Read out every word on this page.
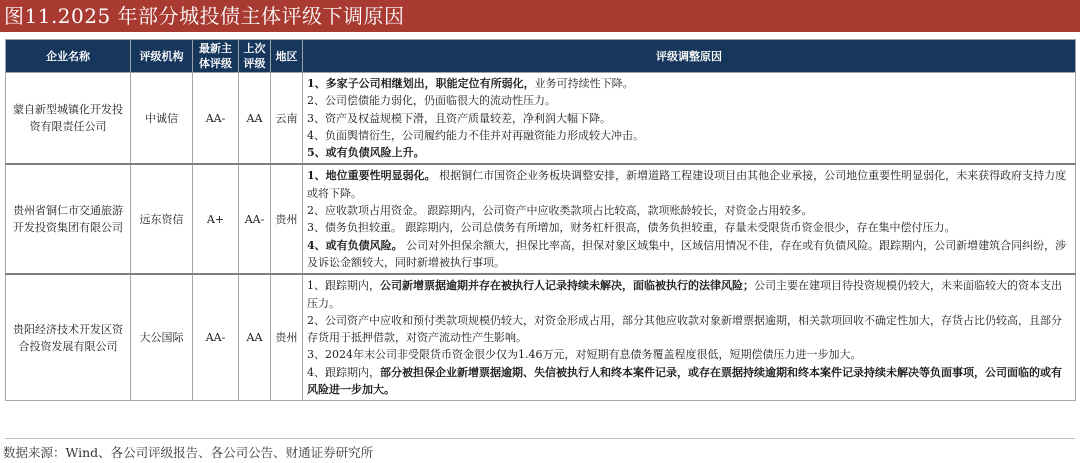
图11.2025 年部分城投债主体评级下调原因
企业名称	评级机构	最新主体评级	上次评级	地区	评级调整原因
蒙自新型城镇化开发投资有限责任公司	中诚信	AA-	AA	云南	1、多家子公司相继划出，职能定位有所弱化，业务可持续性下降。
2、公司偿债能力弱化，仍面临很大的流动性压力。
3、资产及权益规模下滑，且资产质量较差，净利润大幅下降。
4、负面舆情衍生，公司履约能力不佳并对再融资能力形成较大冲击。
5、或有负债风险上升。

贵州省铜仁市交通旅游开发投资集团有限公司	远东资信	A+	AA-	贵州	1、地位重要性明显弱化。 根据铜仁市国资企业务板块调整安排，新增道路工程建设项目由其他企业承接，公司地位重要性明显弱化，未来获得政府支持力度或将下降。
2、应收款项占用资金。 跟踪期内，公司资产中应收类款项占比较高，款项账龄较长，对资金占用较多。
3、债务负担较重。 跟踪期内，公司总债务有所增加，财务杠杆很高，债务负担较重，存量未受限货币资金很少，存在集中偿付压力。
4、或有负债风险。 公司对外担保余额大，担保比率高，担保对象区域集中，区域信用情况不佳，存在或有负债风险。跟踪期内，公司新增建筑合同纠纷，涉及诉讼金额较大，同时新增被执行事项。

贵阳经济技术开发区资合投资发展有限公司	大公国际	AA-	AA	贵州	1、跟踪期内，公司新增票据逾期并存在被执行人记录持续未解决，面临被执行的法律风险；公司主要在建项目待投资规模仍较大，未来面临较大的资本支出压力。
2、公司资产中应收和预付类款项规模仍较大，对资金形成占用，部分其他应收款对象新增票据逾期，相关款项回收不确定性加大，存货占比仍较高，且部分存货用于抵押借款，对资产流动性产生影响。
3、2024年末公司非受限货币资金很少仅为1.46万元，对短期有息债务覆盖程度很低，短期偿债压力进一步加大。
4、跟踪期内，部分被担保企业新增票据逾期、失信被执行人和终本案件记录，或存在票据持续逾期和终本案件记录持续未解决等负面事项，公司面临的或有风险进一步加大。
数据来源：Wind、各公司评级报告、各公司公告、财通证券研究所
